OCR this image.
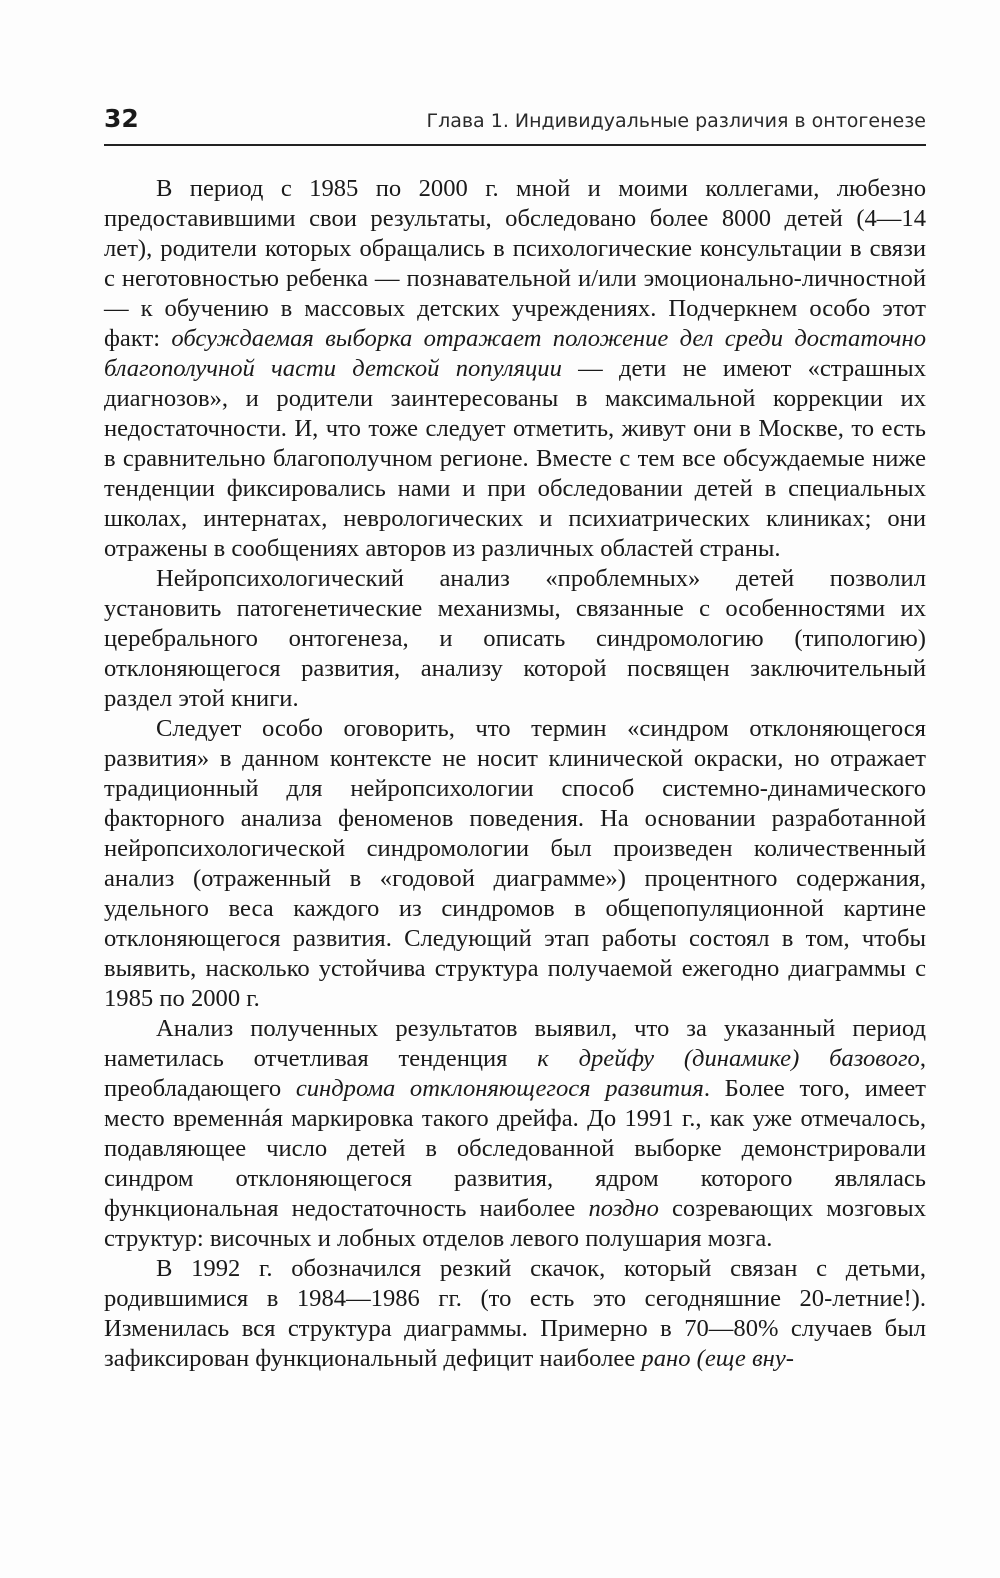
32	Глава 1. Индивидуальные различия в онтогенезе

В период с 1985 по 2000 г. мной и моими коллегами, любезно предоставившими свои результаты, обследовано более 8000 детей (4—14 лет), родители которых обращались в психологические консультации в связи с неготовностью ребенка — познавательной и/или эмоционально-личностной — к обучению в массовых детских учреждениях. Подчеркнем особо этот факт: обсуждаемая выборка отражает положение дел среди достаточно благополучной части детской популяции — дети не имеют «страшных диагнозов», и родители заинтересованы в максимальной коррекции их недостаточности. И, что тоже следует отметить, живут они в Москве, то есть в сравнительно благополучном регионе. Вместе с тем все обсуждаемые ниже тенденции фиксировались нами и при обследовании детей в специальных школах, интернатах, неврологических и психиатрических клиниках; они отражены в сообщениях авторов из различных областей страны.

Нейропсихологический анализ «проблемных» детей позволил установить патогенетические механизмы, связанные с особенностями их церебрального онтогенеза, и описать синдромологию (типологию) отклоняющегося развития, анализу которой посвящен заключительный раздел этой книги.

Следует особо оговорить, что термин «синдром отклоняющегося развития» в данном контексте не носит клинической окраски, но отражает традиционный для нейропсихологии способ системно-динамического факторного анализа феноменов поведения. На основании разработанной нейропсихологической синдромологии был произведен количественный анализ (отраженный в «годовой диаграмме») процентного содержания, удельного веса каждого из синдромов в общепопуляционной картине отклоняющегося развития. Следующий этап работы состоял в том, чтобы выявить, насколько устойчива структура получаемой ежегодно диаграммы с 1985 по 2000 г.

Анализ полученных результатов выявил, что за указанный период наметилась отчетливая тенденция к дрейфу (динамике) базового, преобладающего синдрома отклоняющегося развития. Более того, имеет место временнáя маркировка такого дрейфа. До 1991 г., как уже отмечалось, подавляющее число детей в обследованной выборке демонстрировали синдром отклоняющегося развития, ядром которого являлась функциональная недостаточность наиболее поздно созревающих мозговых структур: височных и лобных отделов левого полушария мозга.

В 1992 г. обозначился резкий скачок, который связан с детьми, родившимися в 1984—1986 гг. (то есть это сегодняшние 20-летние!). Изменилась вся структура диаграммы. Примерно в 70—80% случаев был зафиксирован функциональный дефицит наиболее рано (еще вну-
